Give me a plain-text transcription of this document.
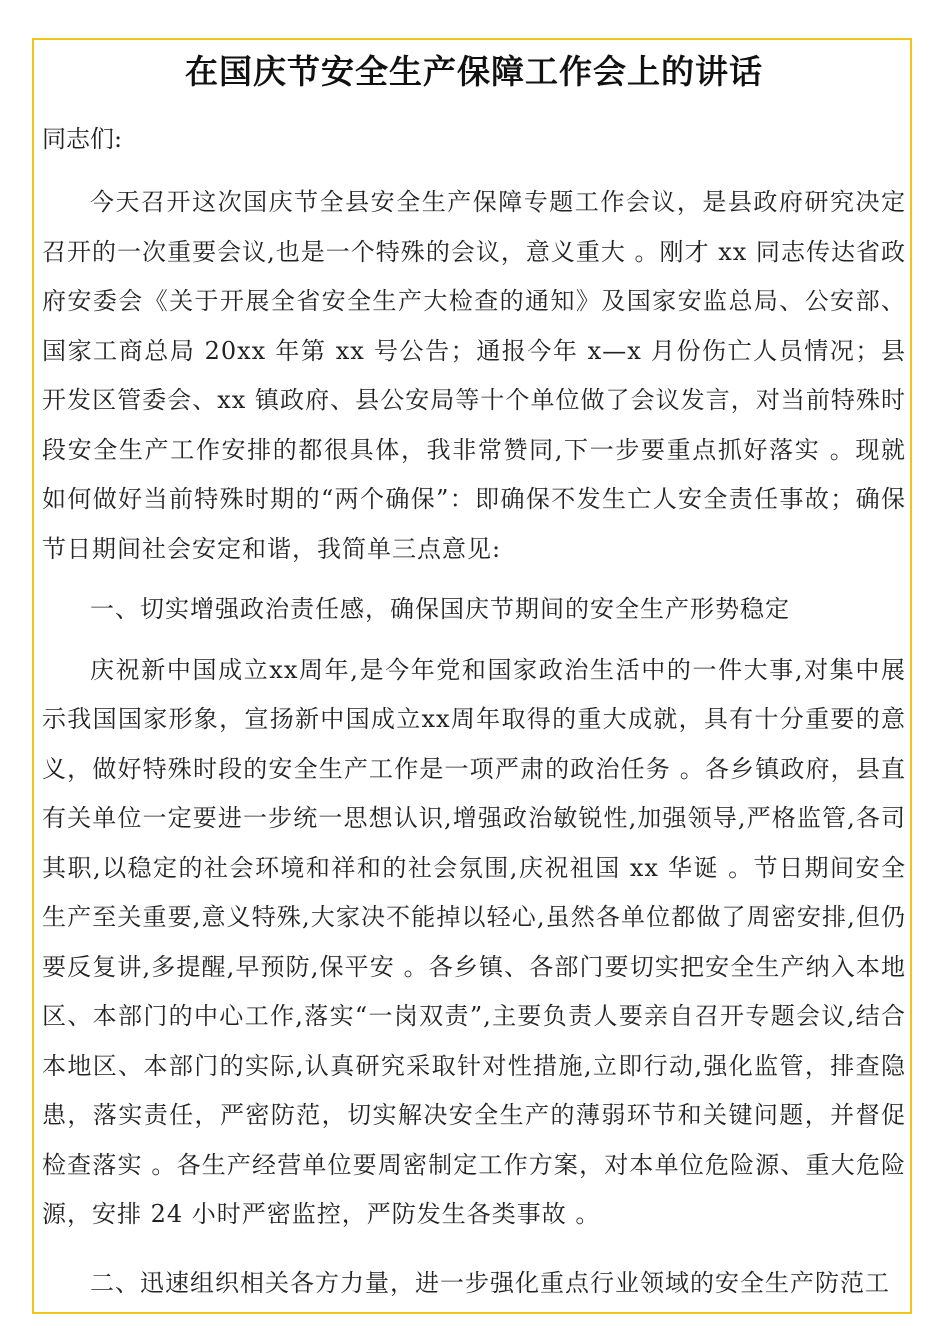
在国庆节安全生产保障工作会上的讲话

同志们:

今天召开这次国庆节全县安全生产保障专题工作会议，是县政府研究决定召开的一次重要会议,也是一个特殊的会议，意义重大 。刚才 xx 同志传达省政府安委会《关于开展全省安全生产大检查的通知》及国家安监总局、公安部、国家工商总局 20xx 年第 xx 号公告；通报今年 x—x 月份伤亡人员情况；县开发区管委会、xx 镇政府、县公安局等十个单位做了会议发言，对当前特殊时段安全生产工作安排的都很具体，我非常赞同,下一步要重点抓好落实 。现就如何做好当前特殊时期的“两个确保”：即确保不发生亡人安全责任事故；确保节日期间社会安定和谐，我简单三点意见:

一、切实增强政治责任感，确保国庆节期间的安全生产形势稳定

庆祝新中国成立xx周年,是今年党和国家政治生活中的一件大事,对集中展示我国国家形象，宣扬新中国成立xx周年取得的重大成就，具有十分重要的意义，做好特殊时段的安全生产工作是一项严肃的政治任务 。各乡镇政府，县直有关单位一定要进一步统一思想认识,增强政治敏锐性,加强领导,严格监管,各司其职,以稳定的社会环境和祥和的社会氛围,庆祝祖国 xx 华诞 。节日期间安全生产至关重要,意义特殊,大家决不能掉以轻心,虽然各单位都做了周密安排,但仍要反复讲,多提醒,早预防,保平安 。各乡镇、各部门要切实把安全生产纳入本地区、本部门的中心工作,落实“一岗双责”,主要负责人要亲自召开专题会议,结合本地区、本部门的实际,认真研究采取针对性措施,立即行动,强化监管，排查隐患，落实责任，严密防范，切实解决安全生产的薄弱环节和关键问题，并督促检查落实 。各生产经营单位要周密制定工作方案，对本单位危险源、重大危险源，安排 24 小时严密监控，严防发生各类事故 。

二、迅速组织相关各方力量，进一步强化重点行业领域的安全生产防范工
